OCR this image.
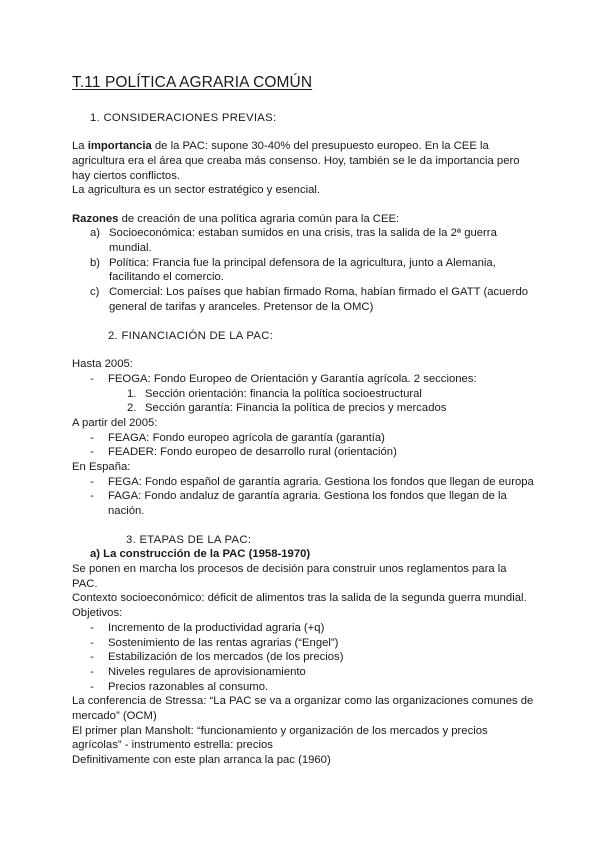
T.11 POLÍTICA AGRARIA COMÚN
1. CONSIDERACIONES PREVIAS:
La importancia de la PAC: supone 30-40% del presupuesto europeo. En la CEE la
agricultura era el área que creaba más consenso. Hoy, también se le da importancia pero
hay ciertos conflictos.
La agricultura es un sector estratégico y esencial.
Razones de creación de una política agraria común para la CEE:
a) Socioeconómica: estaban sumidos en una crisis, tras la salida de la 2ª guerra
mundial.
b) Política: Francia fue la principal defensora de la agricultura, junto a Alemania,
facilitando el comercio.
c) Comercial: Los países que habían firmado Roma, habían firmado el GATT (acuerdo
general de tarifas y aranceles. Pretensor de la OMC)
2. FINANCIACIÓN DE LA PAC:
Hasta 2005:
- FEOGA: Fondo Europeo de Orientación y Garantía agrícola. 2 secciones:
1. Sección orientación: financia la política socioestructural
2. Sección garantía: Financia la política de precios y mercados
A partir del 2005:
- FEAGA: Fondo europeo agrícola de garantía (garantía)
- FEADER: Fondo europeo de desarrollo rural (orientación)
En España:
- FEGA: Fondo español de garantía agraria. Gestiona los fondos que llegan de europa
- FAGA: Fondo andaluz de garantía agraria. Gestiona los fondos que llegan de la
nación.
3. ETAPAS DE LA PAC:
a) La construcción de la PAC (1958-1970)
Se ponen en marcha los procesos de decisión para construir unos reglamentos para la
PAC.
Contexto socioeconómico: déficit de alimentos tras la salida de la segunda guerra mundial.
Objetivos:
- Incremento de la productividad agraria (+q)
- Sostenimiento de las rentas agrarias (“Engel”)
- Estabilización de los mercados (de los precios)
- Niveles regulares de aprovisionamiento
- Precios razonables al consumo.
La conferencia de Stressa: “La PAC se va a organizar como las organizaciones comunes de
mercado” (OCM)
El primer plan Mansholt: “funcionamiento y organización de los mercados y precios
agrícolas” - instrumento estrella: precios
Definitivamente con este plan arranca la pac (1960)
